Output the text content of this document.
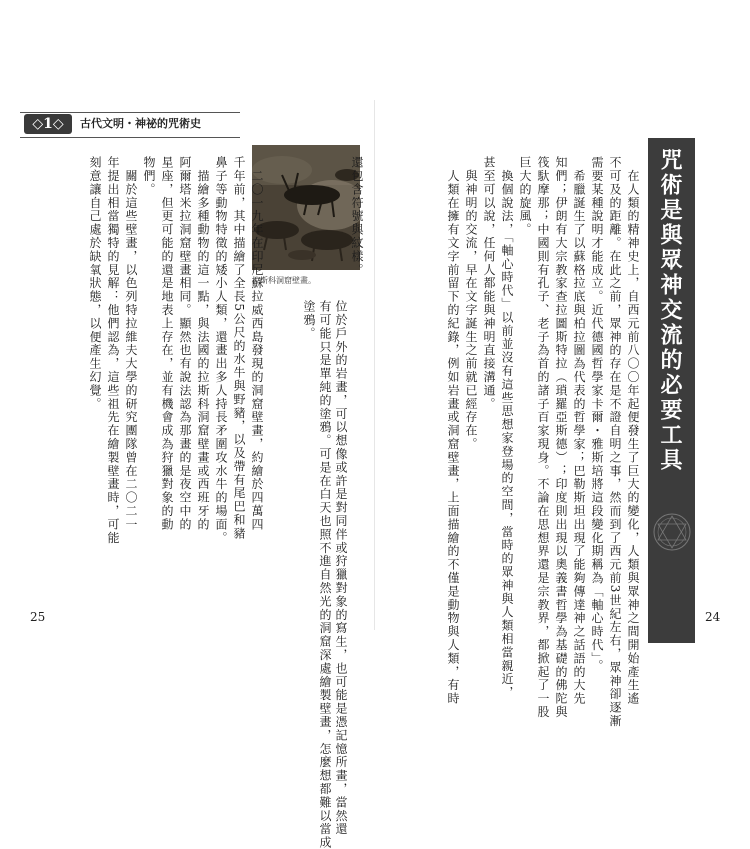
◇1◇	古代文明・神祕的咒術史
拉斯科洞窟壁畫。
還包含符號與紋樣。
位於戶外的岩畫，可以想像或許是對同伴或狩獵對象的寫生，也可能是憑記憶所畫，當然還
有可能只是單純的塗鴉。可是在白天也照不進自然光的洞窟深處繪製壁畫，怎麼想都難以當成
塗鴉。
　二〇一九年在印尼蘇拉威西島發現的洞窟壁畫，約繪於四萬四
千年前，其中描繪了全長5公尺的水牛與野豬，以及帶有尾巴和豬
鼻子等動物特徵的矮小人類，還畫出多人持長矛圍攻水牛的場面。
　描繪多種動物的這一點，與法國的拉斯科洞窟壁畫或西班牙的
阿爾塔米拉洞窟壁畫相同。顯然也有說法認為那畫的是夜空中的
星座，但更可能的還是地表上存在，並有機會成為狩獵對象的動
物們。
　關於這些壁畫，以色列特拉維夫大學的研究團隊曾在二〇二一
年提出相當獨特的見解：他們認為，這些祖先在繪製壁畫時，可能
刻意讓自己處於缺氧狀態，以便產生幻覺。
25	　在人類的精神史上，自西元前八〇〇年起便發生了巨大的變化，人類與眾神之間開始產生遙
不可及的距離。在此之前，眾神的存在是不證自明之事，然而到了西元前3世紀左右，眾神卻逐漸
需要某種說明才能成立。近代德國哲學家卡爾・雅斯培將這段變化期稱為「軸心時代」。
　希臘誕生了以蘇格拉底與柏拉圖為代表的哲學家；巴勒斯坦出現了能夠傳達神之話語的大先
知們；伊朗有大宗教家查拉圖斯特拉（瑣羅亞斯德）；印度則出現以奧義書哲學為基礎的佛陀與
筏馱摩那；中國則有孔子、老子為首的諸子百家現身。不論在思想界還是宗教界，都掀起了一股
巨大的旋風。
　換個說法，「軸心時代」以前並沒有這些思想家登場的空間，當時的眾神與人類相當親近，
甚至可以說，任何人都能與神明直接溝通。
　與神明的交流，早在文字誕生之前就已經存在。
　人類在擁有文字前留下的紀錄，例如岩畫或洞窟壁畫，上面描繪的不僅是動物與人類，有時	咒術是與眾神交流的必要工具
24
